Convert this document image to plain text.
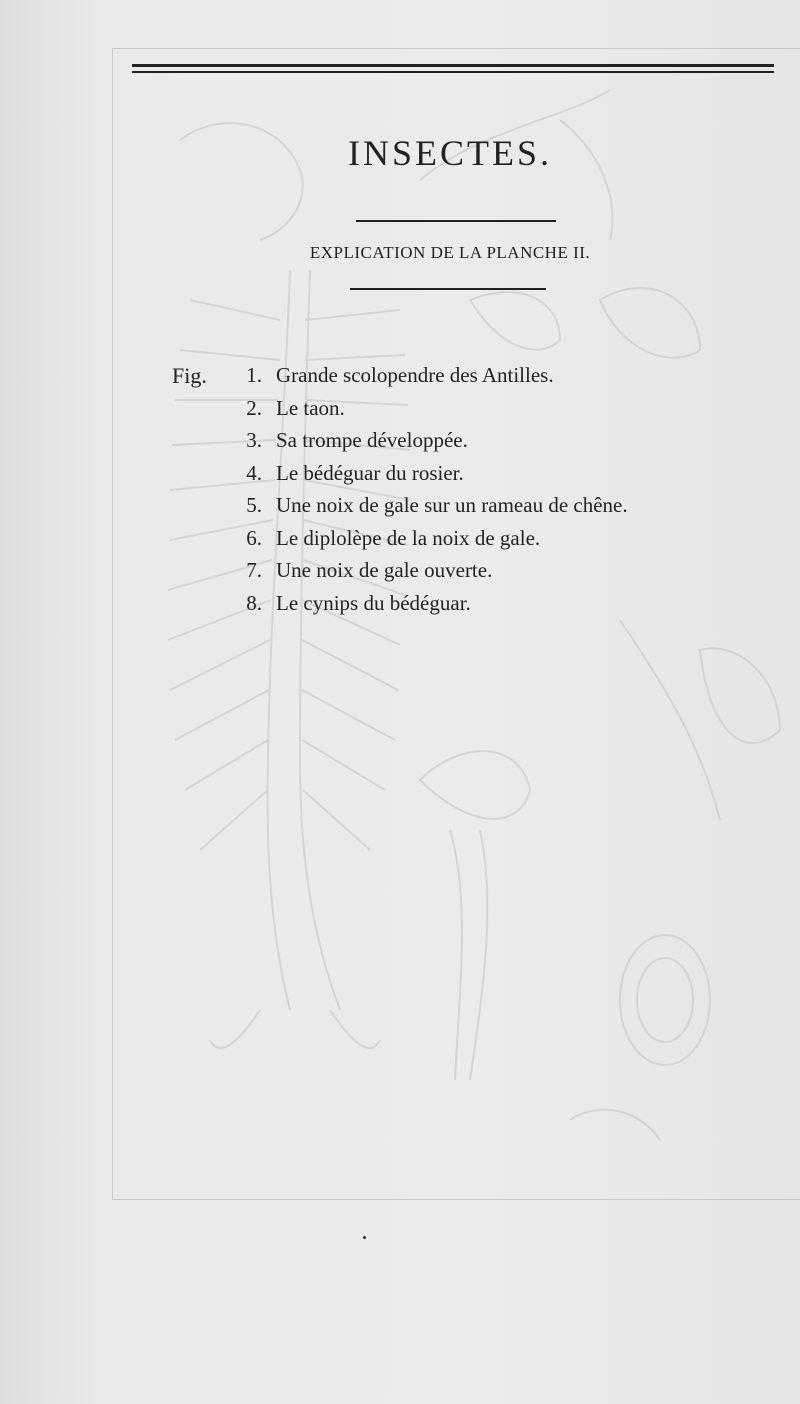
INSECTES.
EXPLICATION DE LA PLANCHE II.
Fig.	1. Grande scolopendre des Antilles.
2. Le taon.
3. Sa trompe développée.
4. Le bédéguar du rosier.
5. Une noix de gale sur un rameau de chêne.
6. Le diplolèpe de la noix de gale.
7. Une noix de gale ouverte.
8. Le cynips du bédéguar.
